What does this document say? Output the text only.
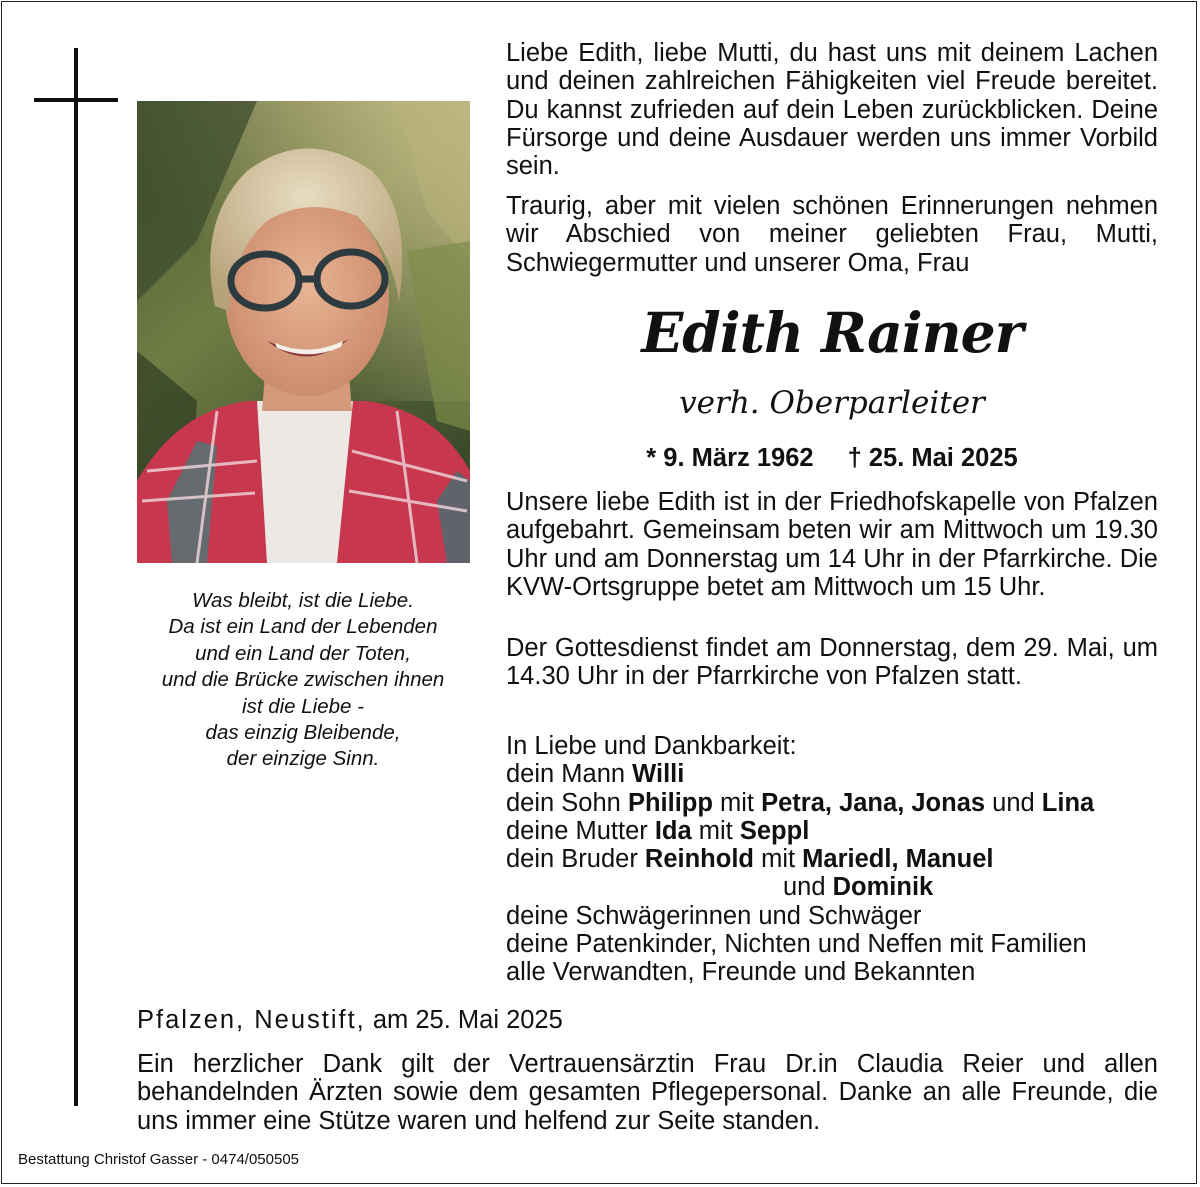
Was bleibt, ist die Liebe.
Da ist ein Land der Lebenden
und ein Land der Toten,
und die Brücke zwischen ihnen
ist die Liebe -
das einzig Bleibende,
der einzige Sinn.
Liebe Edith, liebe Mutti, du hast uns mit deinem Lachen und deinen zahlreichen Fähigkeiten viel Freude bereitet. Du kannst zufrieden auf dein Leben zurückblicken. Deine Fürsorge und deine Ausdauer werden uns immer Vorbild sein.
Traurig, aber mit vielen schönen Erinnerungen nehmen wir Abschied von meiner geliebten Frau, Mutti, Schwiegermutter und unserer Oma, Frau
Edith Rainer
verh. Oberparleiter
* 9. März 1962 † 25. Mai 2025
Unsere liebe Edith ist in der Friedhofskapelle von Pfalzen aufgebahrt. Gemeinsam beten wir am Mittwoch um 19.30 Uhr und am Donnerstag um 14 Uhr in der Pfarrkirche. Die KVW-Ortsgruppe betet am Mittwoch um 15 Uhr.
Der Gottesdienst findet am Donnerstag, dem 29. Mai, um 14.30 Uhr in der Pfarrkirche von Pfalzen statt.
In Liebe und Dankbarkeit:
dein Mann Willi
dein Sohn Philipp mit Petra, Jana, Jonas und Lina
deine Mutter Ida mit Seppl
dein Bruder Reinhold mit Mariedl, Manuel
und Dominik
deine Schwägerinnen und Schwäger
deine Patenkinder, Nichten und Neffen mit Familien
alle Verwandten, Freunde und Bekannten
Pfalzen, Neustift, am 25. Mai 2025
Ein herzlicher Dank gilt der Vertrauensärztin Frau Dr.in Claudia Reier und allen behandelnden Ärzten sowie dem gesamten Pflegepersonal. Danke an alle Freunde, die uns immer eine Stütze waren und helfend zur Seite standen.
Bestattung Christof Gasser - 0474/050505
